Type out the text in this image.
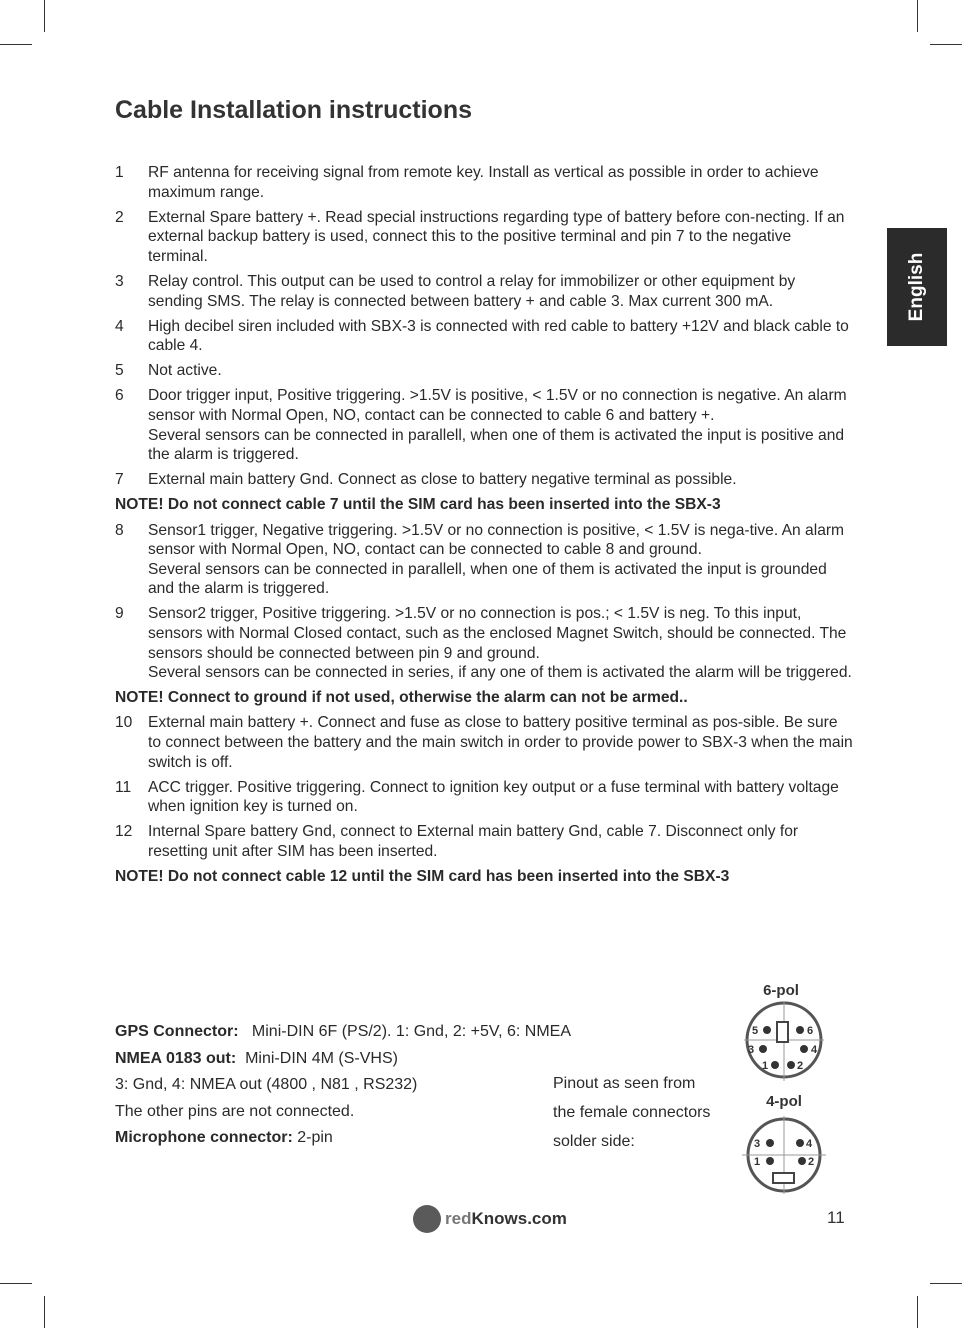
Cable Installation instructions
English
1 RF antenna for receiving signal from remote key. Install as vertical as possible in order to achieve maximum range.

2 External Spare battery +. Read special instructions regarding type of battery before con-necting. If an external backup battery is used, connect this to the positive terminal and pin 7 to the negative terminal.

3 Relay control. This output can be used to control a relay for immobilizer or other equipment by sending SMS. The relay is connected between battery + and cable 3. Max current 300 mA.

4 High decibel siren included with SBX-3 is connected with red cable to battery +12V and black cable to cable 4.

5 Not active.

6 Door trigger input, Positive triggering. >1.5V is positive, < 1.5V or no connection is negative. An alarm sensor with Normal Open, NO, contact can be connected to cable 6 and battery +.

Several sensors can be connected in parallell, when one of them is activated the input is positive and the alarm is triggered.

7 External main battery Gnd. Connect as close to battery negative terminal as possible.

NOTE! Do not connect cable 7 until the SIM card has been inserted into the SBX-3
8 Sensor1 trigger, Negative triggering. >1.5V or no connection is positive, < 1.5V is nega-tive. An alarm sensor with Normal Open, NO, contact can be connected to cable 8 and ground.

Several sensors can be connected in parallell, when one of them is activated the input is grounded and the alarm is triggered.

9 Sensor2 trigger, Positive triggering. >1.5V or no connection is pos.; < 1.5V is neg. To this input, sensors with Normal Closed contact, such as the enclosed Magnet Switch, should be connected. The sensors should be connected between pin 9 and ground.

Several sensors can be connected in series, if any one of them is activated the alarm will be triggered.

NOTE! Connect to ground if not used, otherwise the alarm can not be armed..
10 External main battery +. Connect and fuse as close to battery positive terminal as pos-sible. Be sure to connect between the battery and the main switch in order to provide power to SBX-3 when the main switch is off.

11 ACC trigger. Positive triggering. Connect to ignition key output or a fuse terminal with battery voltage when ignition key is turned on.

12 Internal Spare battery Gnd, connect to External main battery Gnd, cable 7. Disconnect only for resetting unit after SIM has been inserted.

NOTE! Do not connect cable 12 until the SIM card has been inserted into the SBX-3
GPS Connector: Mini-DIN 6F (PS/2). 1: Gnd, 2: +5V, 6: NMEA
NMEA 0183 out: Mini-DIN 4M (S-VHS)
3: Gnd, 4: NMEA out (4800 , N81 , RS232)
The other pins are not connected.
Microphone connector: 2-pin
Pinout as seen from
the female connectors
solder side:
6-pol
5	6
3	4
1	2
4-pol
3	4
1	2
red Knows.com	11
